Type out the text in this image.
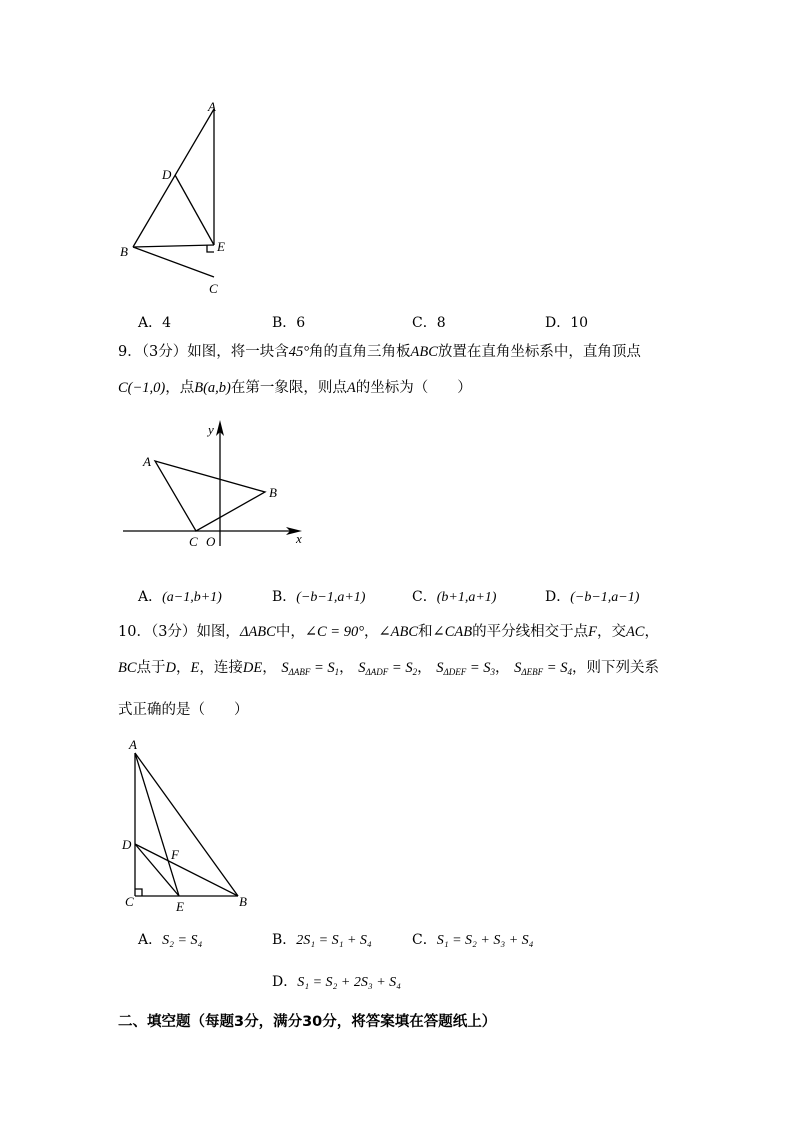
A
D
B	E
C
A．4	B．6	C．8	D．10
9．（3分）如图，将一块含45°角的直角三角板ABC放置在直角坐标系中，直角顶点
C(−1,0)，点B(a,b)在第一象限，则点A的坐标为（　　）
y
x
A
B
C O
A．(a−1,b+1)	B．(−b−1,a+1)	C．(b+1,a+1)	D．(−b−1,a−1)
10．（3分）如图，ΔABC中，∠C = 90°，∠ABC和∠CAB的平分线相交于点F，交AC，
BC点于D，E，连接DE， $S_{\Delta ABF} = S_1$， $S_{\Delta ADF} = S_2$， $S_{\Delta DEF} = S_3$， $S_{\Delta EBF} = S_4$，则下列关系
式正确的是（　　）
A
D
F
C	E	B
A．S₂ = S₄	B．2S₁ = S₁ + S₄	C．S₁ = S₂ + S₃ + S₄
D．S₁ = S₂ + 2S₃ + S₄
二、填空题（每题3分，满分30分，将答案填在答题纸上）
